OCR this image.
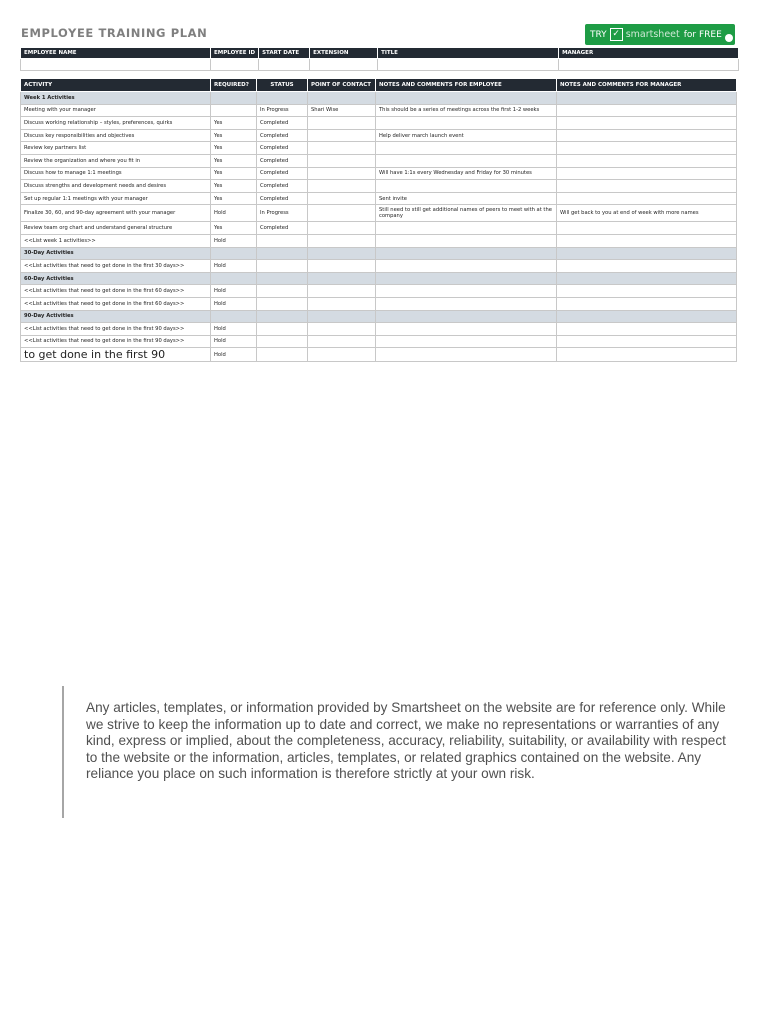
EMPLOYEE TRAINING PLAN	TRY ✓ smartsheet for FREE
EMPLOYEE NAME	EMPLOYEE ID	START DATE	EXTENSION	TITLE	MANAGER

ACTIVITY	REQUIRED?	STATUS	POINT OF CONTACT	NOTES AND COMMENTS FOR EMPLOYEE	NOTES AND COMMENTS FOR MANAGER
Week 1 Activities					
Meeting with your manager		In Progress	Shari Wise	This should be a series of meetings across the first 1-2 weeks	
Discuss working relationship – styles, preferences, quirks	Yes	Completed			
Discuss key responsibilities and objectives	Yes	Completed		Help deliver march launch event	
Review key partners list	Yes	Completed			
Review the organization and where you fit in	Yes	Completed			
Discuss how to manage 1:1 meetings	Yes	Completed		Will have 1:1s every Wednesday and Friday for 30 minutes	
Discuss strengths and development needs and desires	Yes	Completed			
Set up regular 1:1 meetings with your manager	Yes	Completed		Sent invite	
Finalize 30, 60, and 90-day agreement with your manager	Hold	In Progress		Still need to still get additional names of peers to meet with at the company	Will get back to you at end of week with more names
Review team org chart and understand general structure	Yes	Completed			
<<List week 1 activities>>	Hold				
30-Day Activities					
<<List activities that need to get done in the first 30 days>>	Hold				
60-Day Activities					
<<List activities that need to get done in the first 60 days>>	Hold				
<<List activities that need to get done in the first 60 days>>	Hold				
90-Day Activities					
<<List activities that need to get done in the first 90 days>>	Hold				
<<List activities that need to get done in the first 90 days>>	Hold				
to get done in the first 90	Hold				
Any articles, templates, or information provided by Smartsheet on the website are for reference only. While we strive to keep the information up to date and correct, we make no representations or warranties of any kind, express or implied, about the completeness, accuracy, reliability, suitability, or availability with respect to the website or the information, articles, templates, or related graphics contained on the website. Any reliance you place on such information is therefore strictly at your own risk.
